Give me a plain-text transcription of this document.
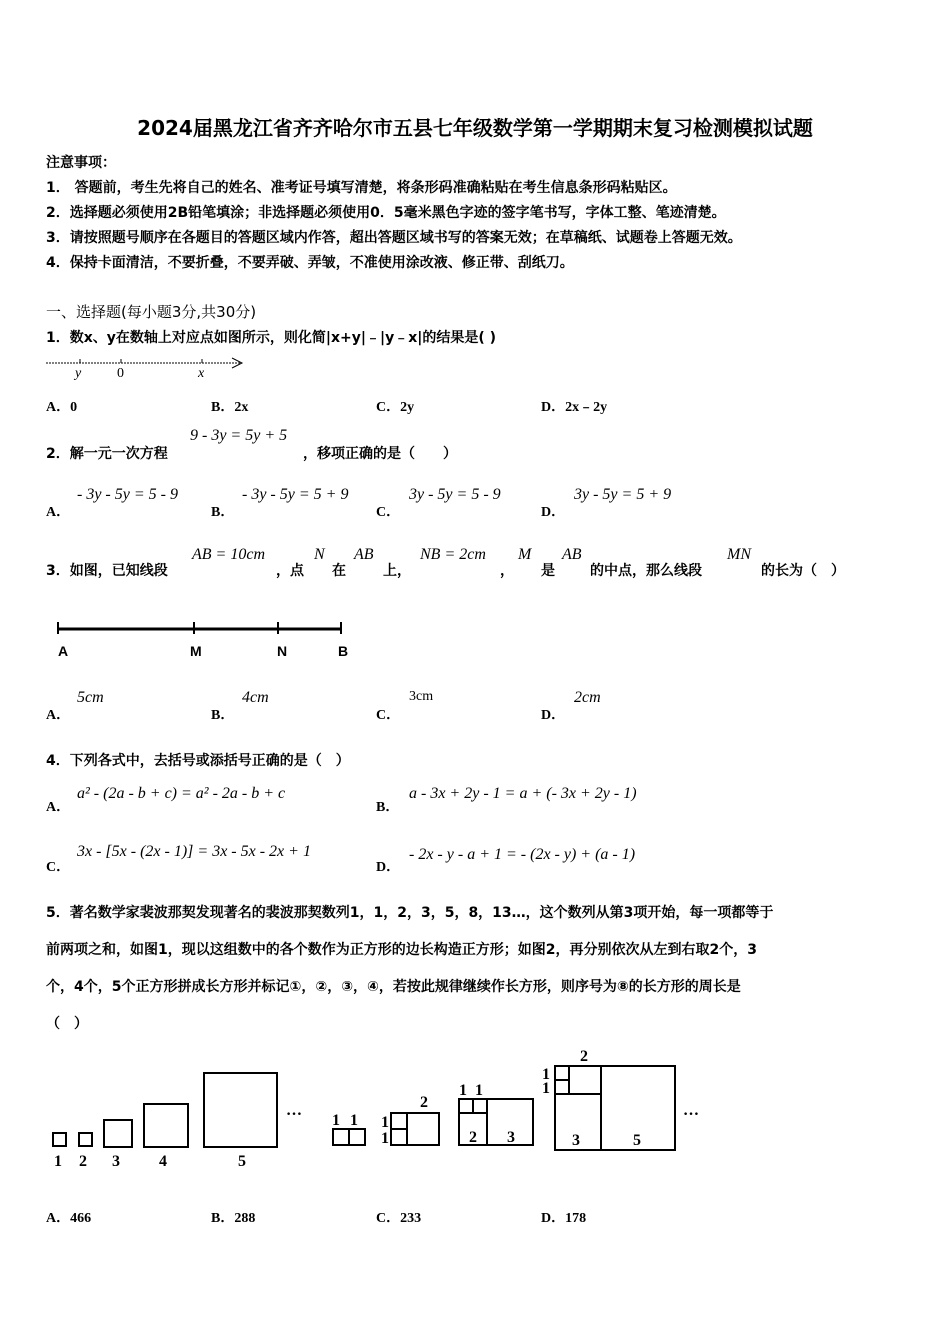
2024届黑龙江省齐齐哈尔市五县七年级数学第一学期期末复习检测模拟试题
注意事项：
1． 答题前，考生先将自己的姓名、准考证号填写清楚，将条形码准确粘贴在考生信息条形码粘贴区。
2．选择题必须使用2B铅笔填涂；非选择题必须使用0．5毫米黑色字迹的签字笔书写，字体工整、笔迹清楚。
3．请按照题号顺序在各题目的答题区域内作答，超出答题区域书写的答案无效；在草稿纸、试题卷上答题无效。
4．保持卡面清洁，不要折叠，不要弄破、弄皱，不准使用涂改液、修正带、刮纸刀。
一、选择题(每小题3分,共30分)
1．数x、y在数轴上对应点如图所示，则化简|x+y|﹣|y﹣x|的结果是( )
y	0	x
A．0	B．2x	C．2y	D．2x﹣2y
2．解一元一次方程
9 - 3y = 5y + 5
，移项正确的是（　　）
A．
- 3y - 5y = 5 - 9
B．
- 3y - 5y = 5 + 9
C．
3y - 5y = 5 - 9
D．
3y - 5y = 5 + 9
3．如图，已知线段
AB = 10cm
，点
N
在
AB
上，
NB = 2cm
，
M
是
AB
的中点，那么线段
MN
的长为（　）
A	M	N	B
A．
5cm
B．
4cm
C．
3cm
D．
2cm
4．下列各式中，去括号或添括号正确的是（　）
A．
a² - (2a - b + c) = a² - 2a - b + c
B．
a - 3x + 2y - 1 = a + (- 3x + 2y - 1)
C．
3x - [5x - (2x - 1)] = 3x - 5x - 2x + 1
D．
- 2x - y - a + 1 = - (2x - y) + (a - 1)
5．著名数学家裴波那契发现著名的裴波那契数列1，1，2，3，5，8，13…，这个数列从第3项开始，每一项都等于
前两项之和，如图1，现以这组数中的各个数作为正方形的边长构造正方形；如图2，再分别依次从左到右取2个，3
个，4个，5个正方形拼成长方形并标记①，②，③，④，若按此规律继续作长方形，则序号为⑧的长方形的周长是
（　）
1 2 3 4	5
…
1 1 1
1
2
1 1
2 3
2
1
1
3	5
…
A．466	B．288	C．233	D．178
